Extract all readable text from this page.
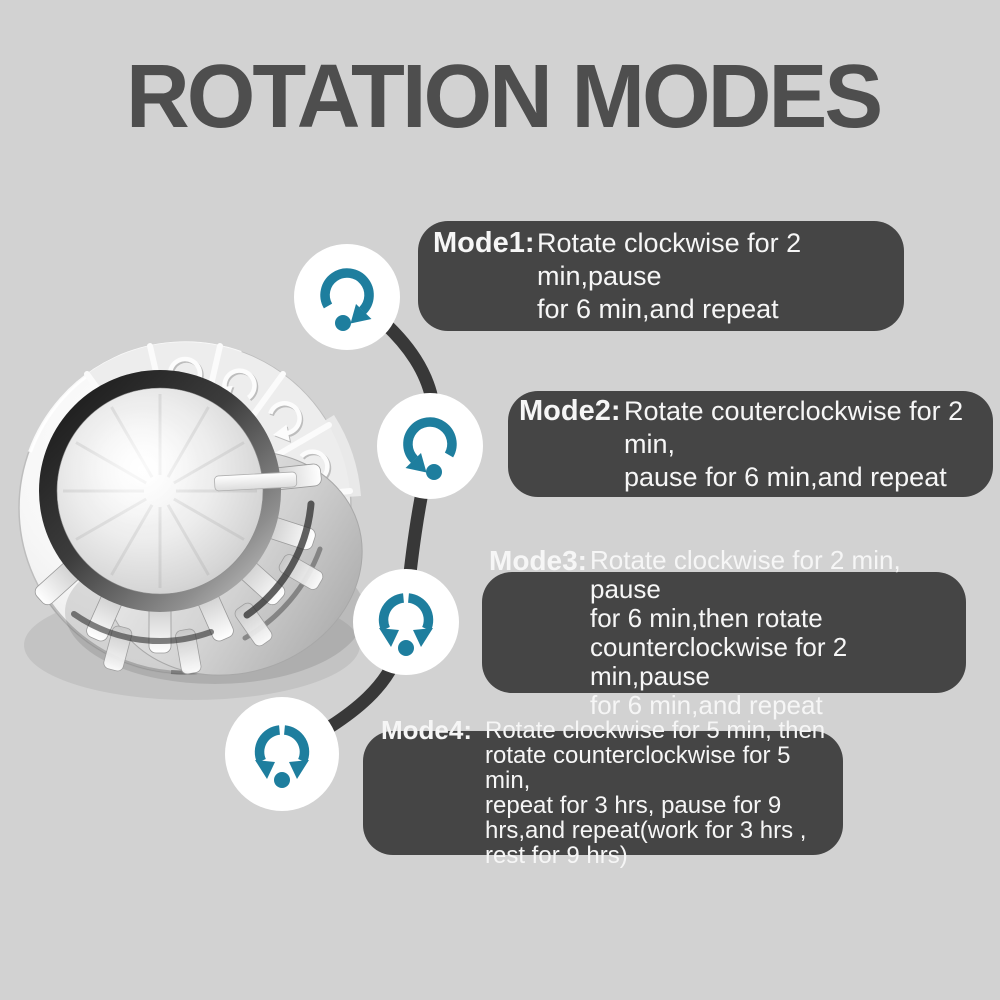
ROTATION MODES
Mode1: Rotate clockwise for 2 min,pause
for 6 min,and repeat
Mode2: Rotate couterclockwise for 2 min,
pause for 6 min,and repeat
Mode3: Rotate clockwise for 2 min, pause
for 6 min,then rotate
counterclockwise for 2 min,pause
for 6 min,and repeat
Mode4: Rotate clockwise for 5 min, then
rotate counterclockwise for 5 min,
repeat for 3 hrs, pause for 9
hrs,and repeat(work for 3 hrs ,
rest for 9 hrs)
